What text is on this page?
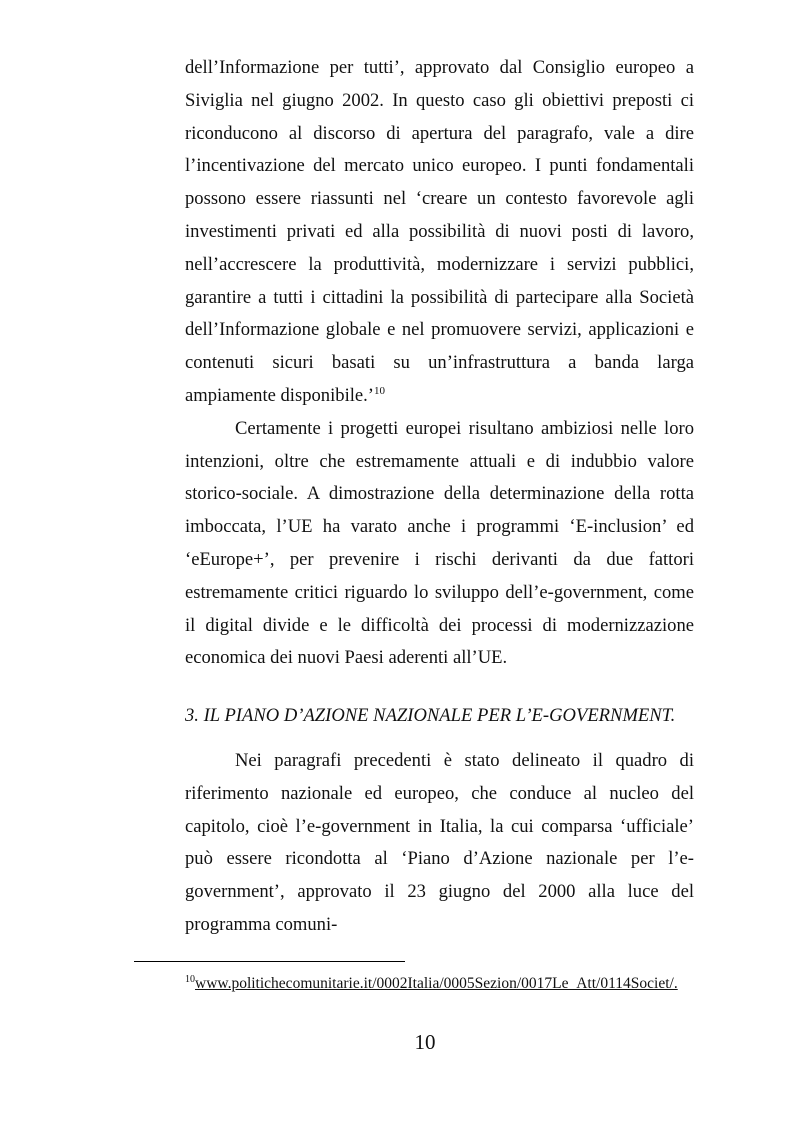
dell’Informazione per tutti’, approvato dal Consiglio europeo a Siviglia nel giugno 2002. In questo caso gli obiettivi preposti ci riconducono al discorso di apertura del paragrafo, vale a dire l’incentivazione del mercato unico europeo. I punti fondamentali possono essere riassunti nel ‘creare un contesto favorevole agli investimenti privati ed alla possibilità di nuovi posti di lavoro, nell’accrescere la produttività, modernizzare i servizi pubblici, garantire a tutti i cittadini la possibilità di partecipare alla Società dell’Informazione globale e nel promuovere servizi, applicazioni e contenuti sicuri basati su un’infrastruttura a banda larga ampiamente disponibile.’$^{10}$

Certamente i progetti europei risultano ambiziosi nelle loro intenzioni, oltre che estremamente attuali e di indubbio valore storico-sociale. A dimostrazione della determinazione della rotta imboccata, l’UE ha varato anche i programmi ‘E-inclusion’ ed ‘eEurope+’, per prevenire i rischi derivanti da due fattori estremamente critici riguardo lo sviluppo dell’e-government, come il digital divide e le difficoltà dei processi di modernizzazione economica dei nuovi Paesi aderenti all’UE.

3. IL PIANO D’AZIONE NAZIONALE PER L’E-GOVERNMENT.

Nei paragrafi precedenti è stato delineato il quadro di riferimento nazionale ed europeo, che conduce al nucleo del capitolo, cioè l’e-government in Italia, la cui comparsa ‘ufficiale’ può essere ricondotta al ‘Piano d’Azione nazionale per l’e-government’, approvato il 23 giugno del 2000 alla luce del programma comuni-

$^{10}$www.politichecomunitarie.it/0002Italia/0005Sezion/0017Le_Att/0114Societ/.
10
